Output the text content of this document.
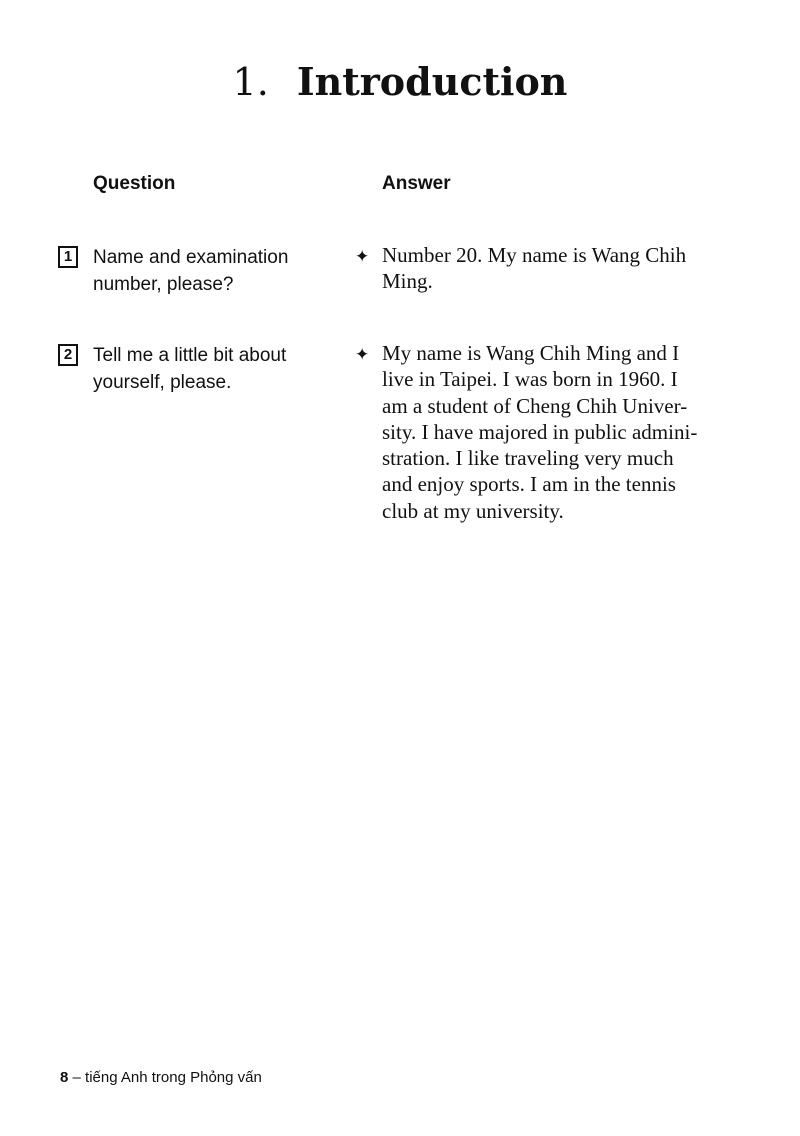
1. Introduction
Question	Answer
1	Name and examination
number, please?
✦ Number 20. My name is Wang Chih
Ming.
2	Tell me a little bit about
yourself, please.
✦ My name is Wang Chih Ming and I
live in Taipei. I was born in 1960. I
am a student of Cheng Chih Univer-
sity. I have majored in public admini-
stration. I like traveling very much
and enjoy sports. I am in the tennis
club at my university.
8 – tiếng Anh trong Phỏng vấn
